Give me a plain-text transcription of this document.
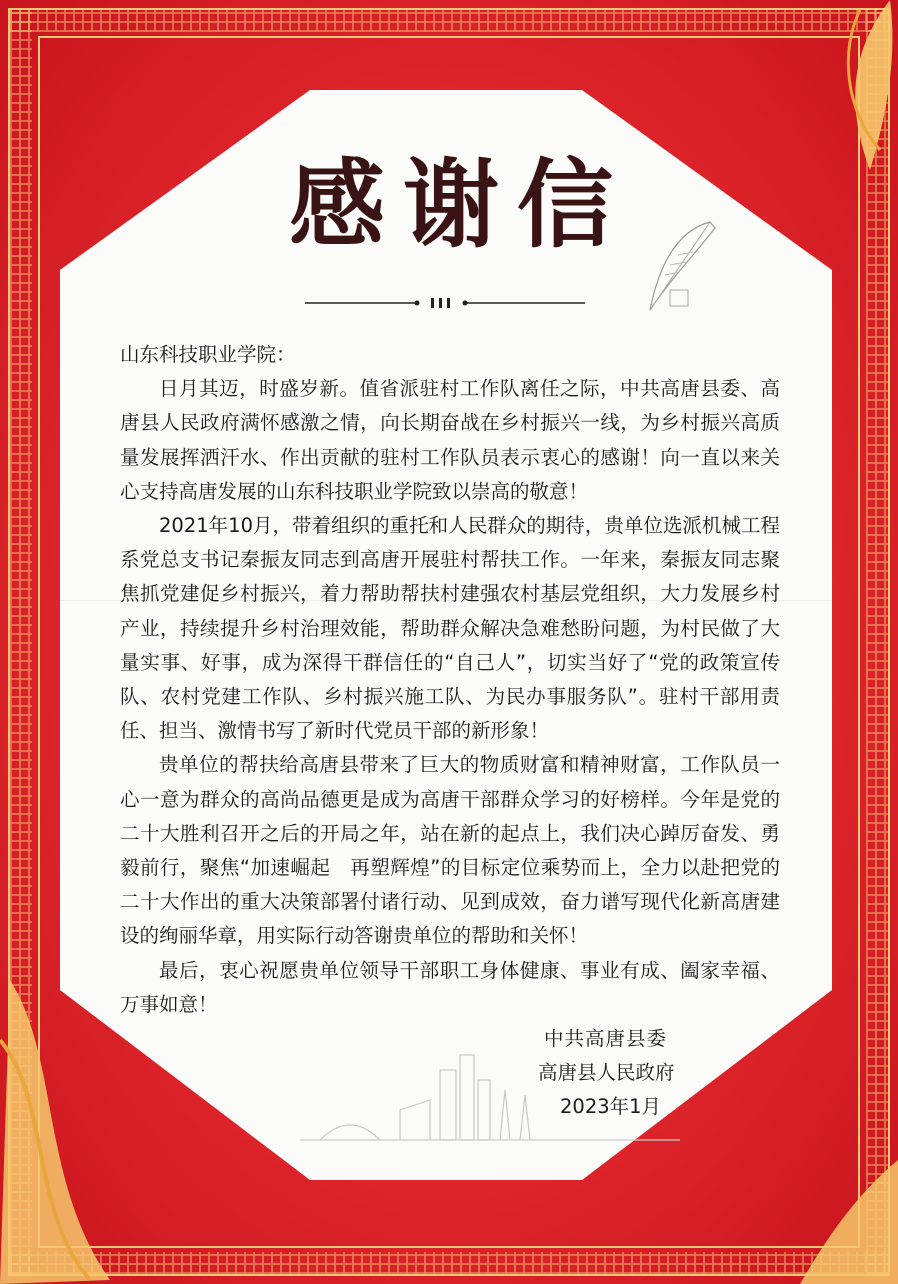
感谢信

山东科技职业学院：

日月其迈，时盛岁新。值省派驻村工作队离任之际，中共高唐县委、高唐县人民政府满怀感激之情，向长期奋战在乡村振兴一线，为乡村振兴高质量发展挥洒汗水、作出贡献的驻村工作队员表示衷心的感谢！向一直以来关心支持高唐发展的山东科技职业学院致以崇高的敬意！

2021年10月，带着组织的重托和人民群众的期待，贵单位选派机械工程系党总支书记秦振友同志到高唐开展驻村帮扶工作。一年来，秦振友同志聚焦抓党建促乡村振兴，着力帮助帮扶村建强农村基层党组织，大力发展乡村产业，持续提升乡村治理效能，帮助群众解决急难愁盼问题，为村民做了大量实事、好事，成为深得干群信任的“自己人”，切实当好了“党的政策宣传队、农村党建工作队、乡村振兴施工队、为民办事服务队”。驻村干部用责任、担当、激情书写了新时代党员干部的新形象！

贵单位的帮扶给高唐县带来了巨大的物质财富和精神财富，工作队员一心一意为群众的高尚品德更是成为高唐干部群众学习的好榜样。今年是党的二十大胜利召开之后的开局之年，站在新的起点上，我们决心踔厉奋发、勇毅前行，聚焦“加速崛起　再塑辉煌”的目标定位乘势而上，全力以赴把党的二十大作出的重大决策部署付诸行动、见到成效，奋力谱写现代化新高唐建设的绚丽华章，用实际行动答谢贵单位的帮助和关怀！

最后，衷心祝愿贵单位领导干部职工身体健康、事业有成、阖家幸福、万事如意！

中共高唐县委
高唐县人民政府
2023年1月
